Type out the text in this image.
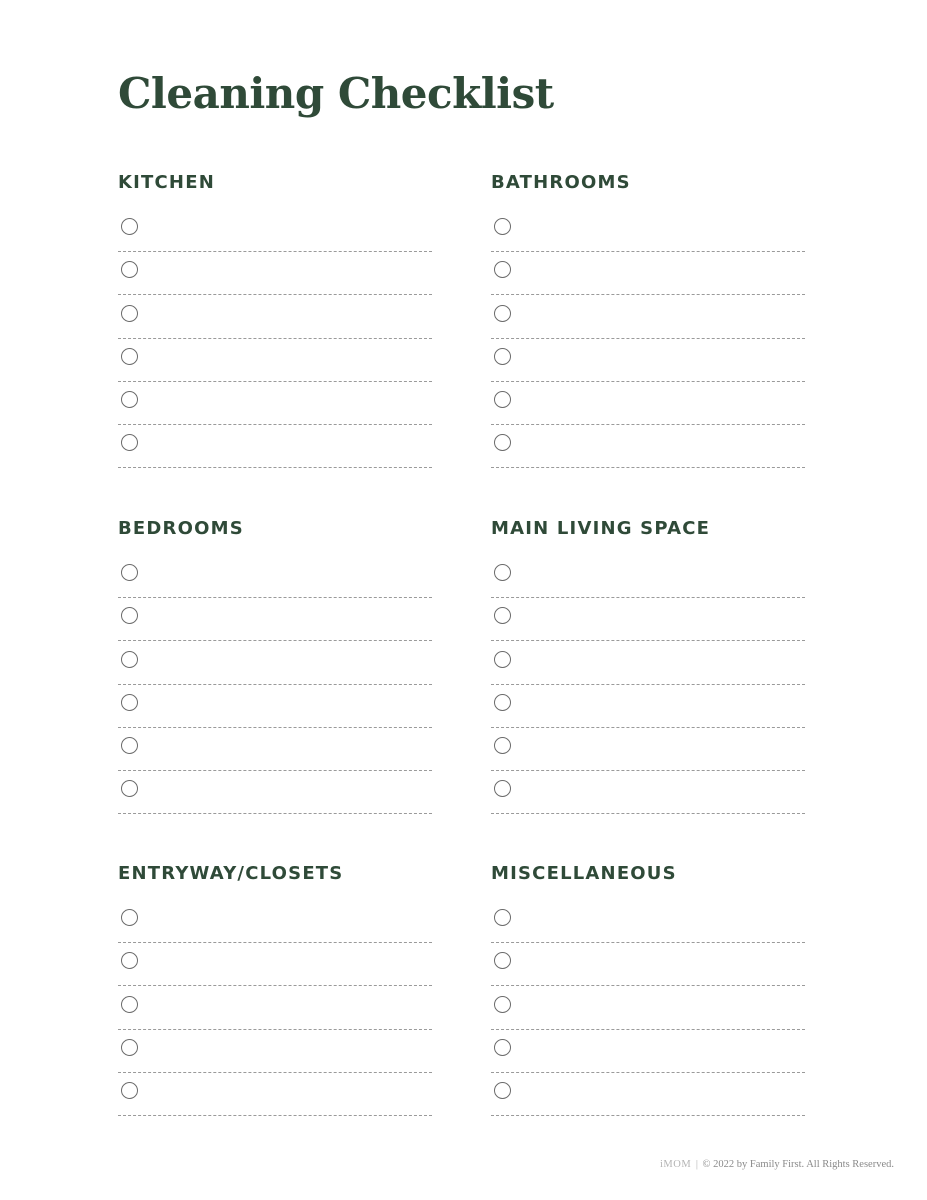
Cleaning Checklist
KITCHEN	BATHROOMS
BEDROOMS	MAIN LIVING SPACE
ENTRYWAY/CLOSETS	MISCELLANEOUS
iMOM | © 2022 by Family First. All Rights Reserved.
